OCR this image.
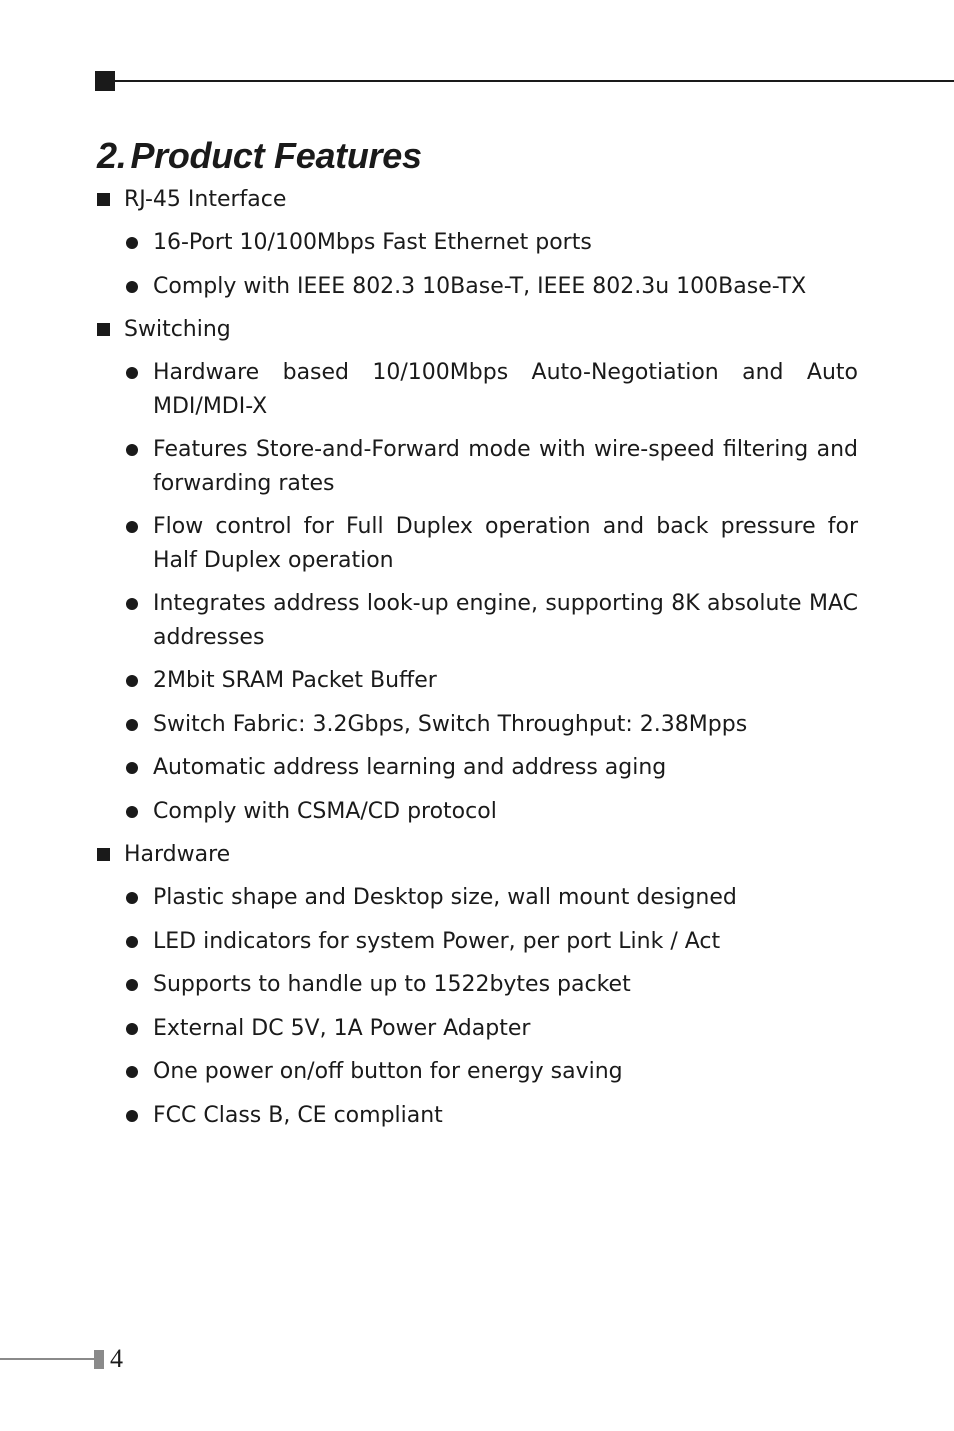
2. Product Features
RJ-45 Interface
16-Port 10/100Mbps Fast Ethernet ports
Comply with IEEE 802.3 10Base-T, IEEE 802.3u 100Base-TX
Switching
Hardware based 10/100Mbps Auto-Negotiation and Auto MDI/MDI-X
Features Store-and-Forward mode with wire-speed filtering and forwarding rates
Flow control for Full Duplex operation and back pressure for Half Duplex operation
Integrates address look-up engine, supporting 8K absolute MAC addresses
2Mbit SRAM Packet Buffer
Switch Fabric: 3.2Gbps, Switch Throughput: 2.38Mpps
Automatic address learning and address aging
Comply with CSMA/CD protocol
Hardware
Plastic shape and Desktop size, wall mount designed
LED indicators for system Power, per port Link / Act
Supports to handle up to 1522bytes packet
External DC 5V, 1A Power Adapter
One power on/off button for energy saving
FCC Class B, CE compliant
4
